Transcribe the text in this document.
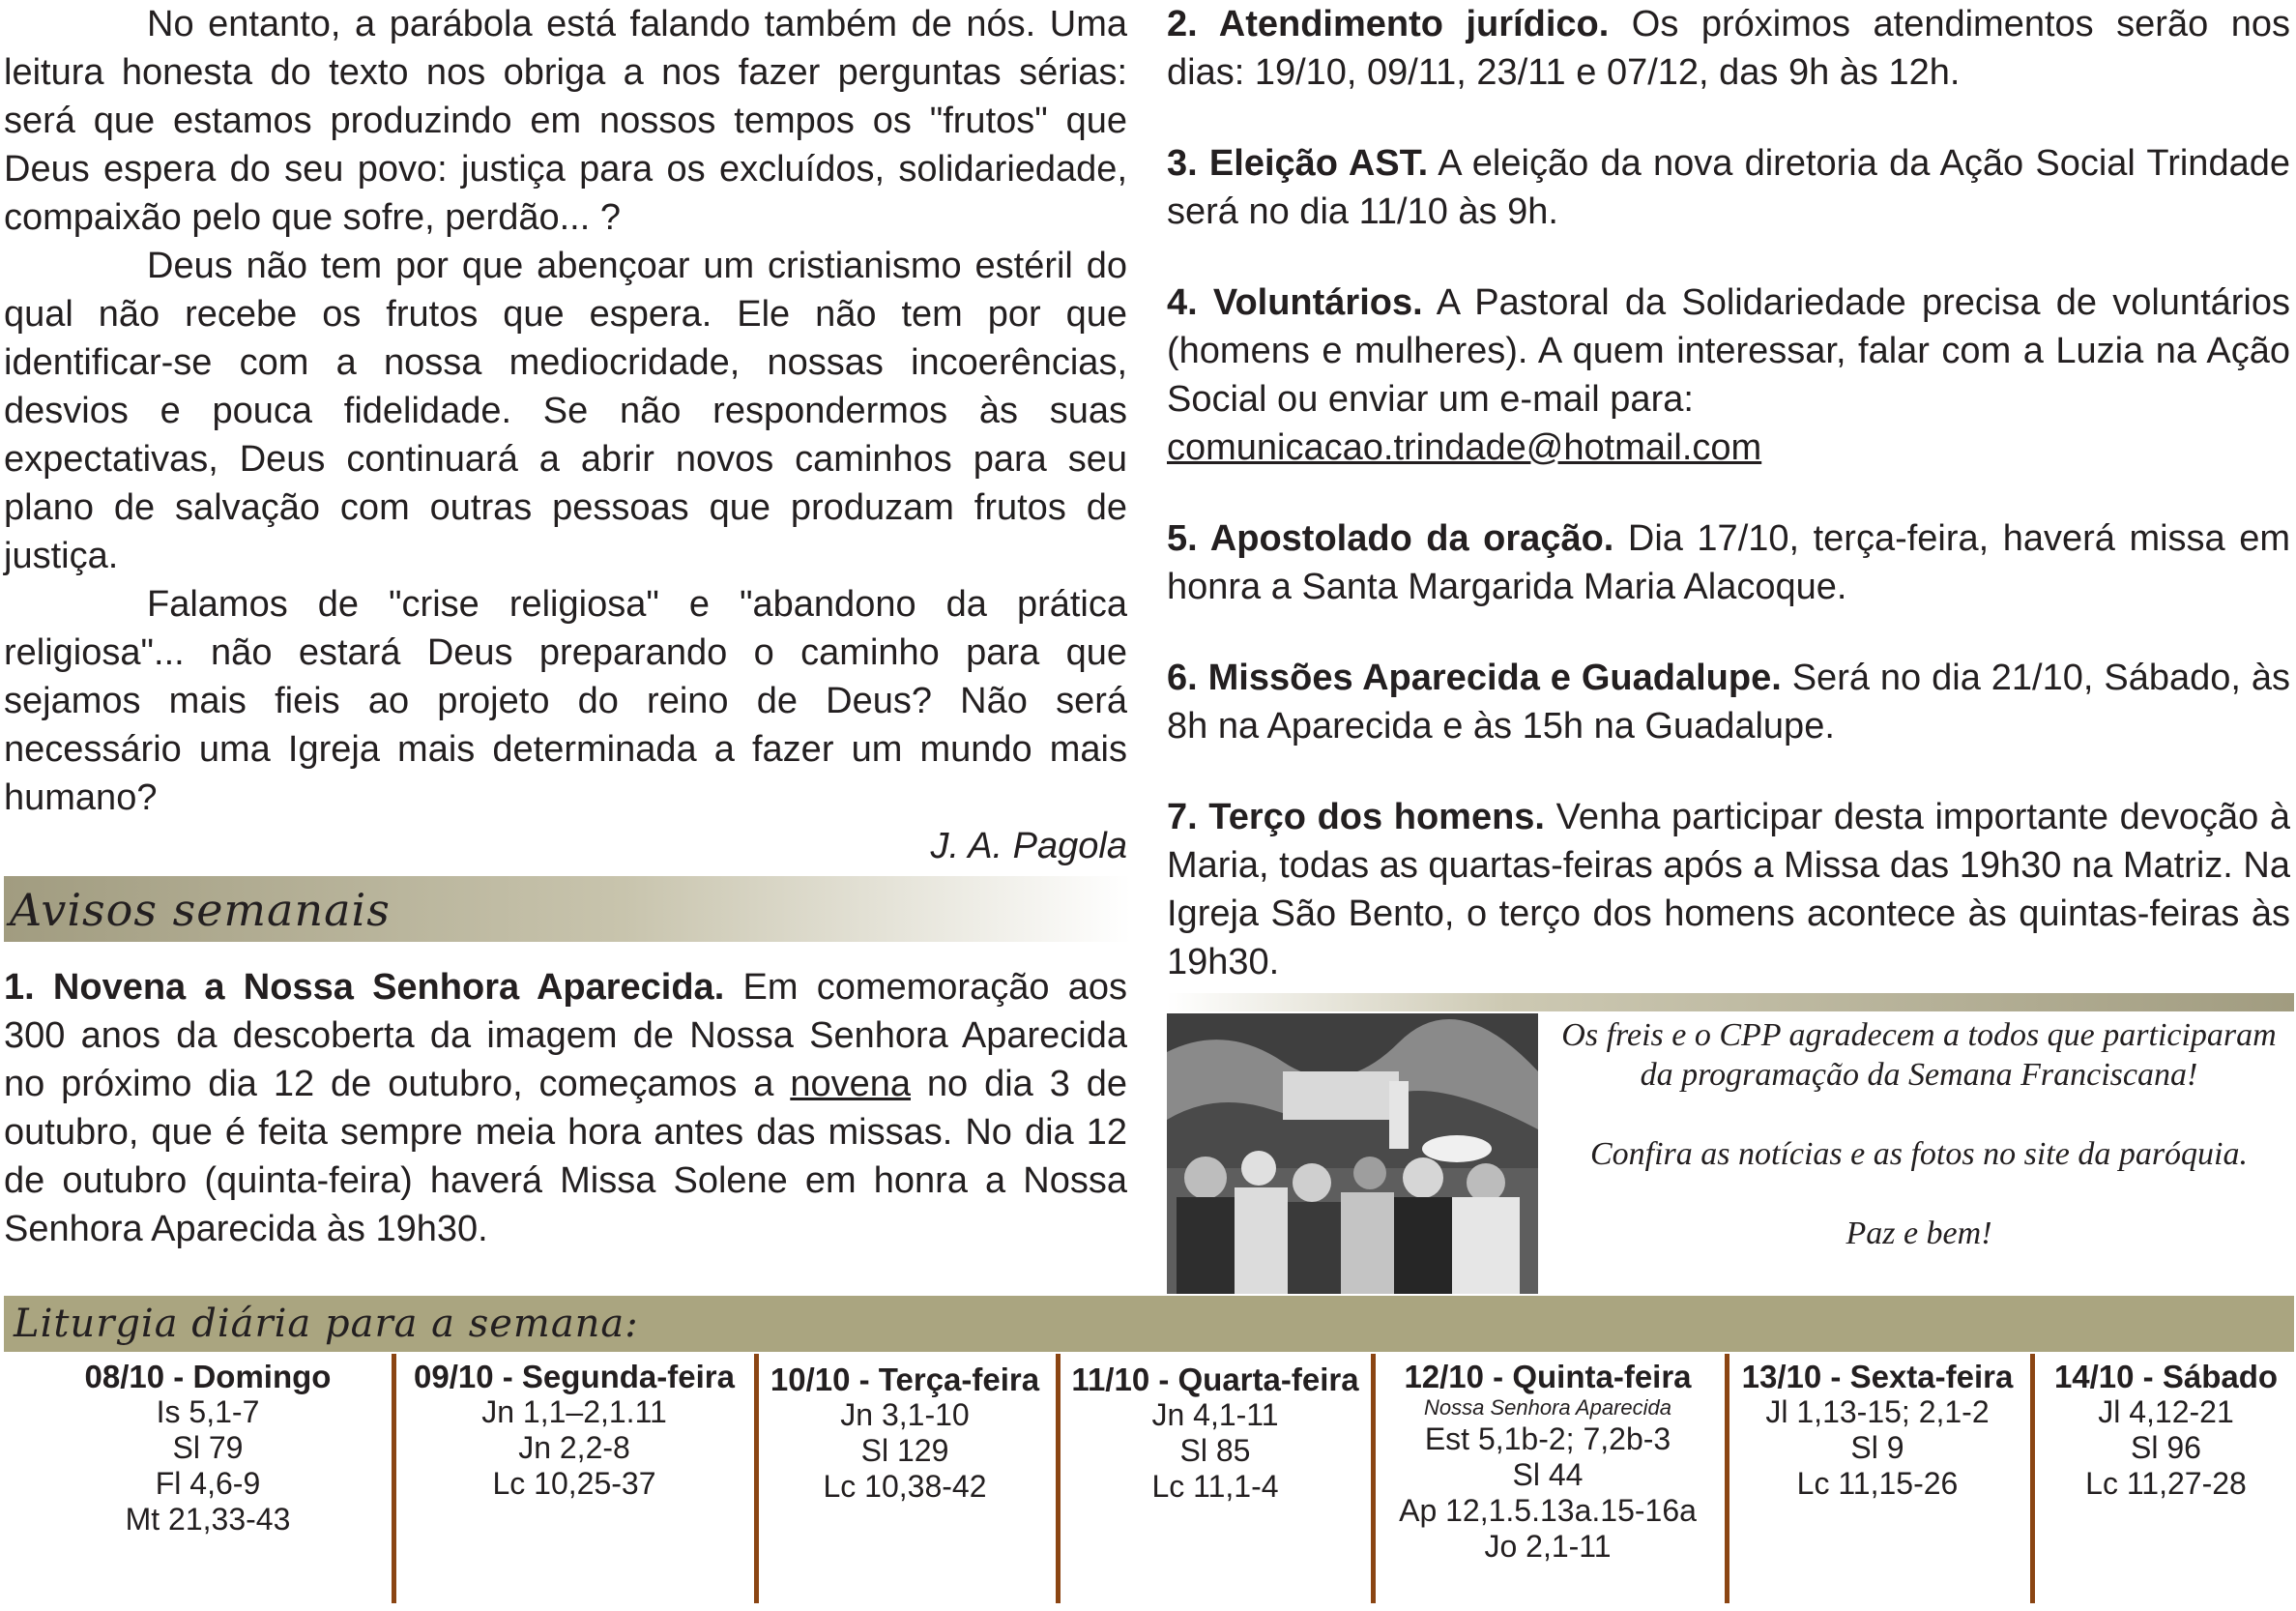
No entanto, a parábola está falando também de nós. Uma leitura honesta do texto nos obriga a nos fazer perguntas sérias: será que estamos produzindo em nossos tempos os "frutos" que Deus espera do seu povo: justiça para os excluídos, solidariedade, compaixão pelo que sofre, perdão... ?

Deus não tem por que abençoar um cristianismo estéril do qual não recebe os frutos que espera. Ele não tem por que identificar-se com a nossa mediocridade, nossas incoerências, desvios e pouca fidelidade. Se não respondermos às suas expectativas, Deus continuará a abrir novos caminhos para seu plano de salvação com outras pessoas que produzam frutos de justiça.

Falamos de "crise religiosa" e "abandono da prática religiosa"... não estará Deus preparando o caminho para que sejamos mais fieis ao projeto do reino de Deus? Não será necessário uma Igreja mais determinada a fazer um mundo mais humano?

J. A. Pagola

Avisos semanais

1. Novena a Nossa Senhora Aparecida. Em comemoração aos 300 anos da descoberta da imagem de Nossa Senhora Aparecida no próximo dia 12 de outubro, começamos a novena no dia 3 de outubro, que é feita sempre meia hora antes das missas. No dia 12 de outubro (quinta-feira) haverá Missa Solene em honra a Nossa Senhora Aparecida às 19h30.

2. Atendimento jurídico. Os próximos atendimentos serão nos dias: 19/10, 09/11, 23/11 e 07/12, das 9h às 12h.

3. Eleição AST. A eleição da nova diretoria da Ação Social Trindade será no dia 11/10 às 9h.

4. Voluntários. A Pastoral da Solidariedade precisa de voluntários (homens e mulheres). A quem interessar, falar com a Luzia na Ação Social ou enviar um e-mail para:
comunicacao.trindade@hotmail.com

5. Apostolado da oração. Dia 17/10, terça-feira, haverá missa em honra a Santa Margarida Maria Alacoque.

6. Missões Aparecida e Guadalupe. Será no dia 21/10, Sábado, às 8h na Aparecida e às 15h na Guadalupe.

7. Terço dos homens. Venha participar desta importante devoção à Maria, todas as quartas-feiras após a Missa das 19h30 na Matriz. Na Igreja São Bento, o terço dos homens acontece às quintas-feiras às 19h30.

Os freis e o CPP agradecem a todos que participaram da programação da Semana Franciscana!

Confira as notícias e as fotos no site da paróquia.

Paz e bem!

Liturgia diária para a semana:
08/10 - Domingo
Is 5,1-7
Sl 79
Fl 4,6-9
Mt 21,33-43
09/10 - Segunda-feira
Jn 1,1–2,1.11
Jn 2,2-8
Lc 10,25-37
10/10 - Terça-feira
Jn 3,1-10
Sl 129
Lc 10,38-42
11/10 - Quarta-feira
Jn 4,1-11
Sl 85
Lc 11,1-4
12/10 - Quinta-feira
Nossa Senhora Aparecida
Est 5,1b-2; 7,2b-3
Sl 44
Ap 12,1.5.13a.15-16a
Jo 2,1-11
13/10 - Sexta-feira
Jl 1,13-15; 2,1-2
Sl 9
Lc 11,15-26
14/10 - Sábado
Jl 4,12-21
Sl 96
Lc 11,27-28
